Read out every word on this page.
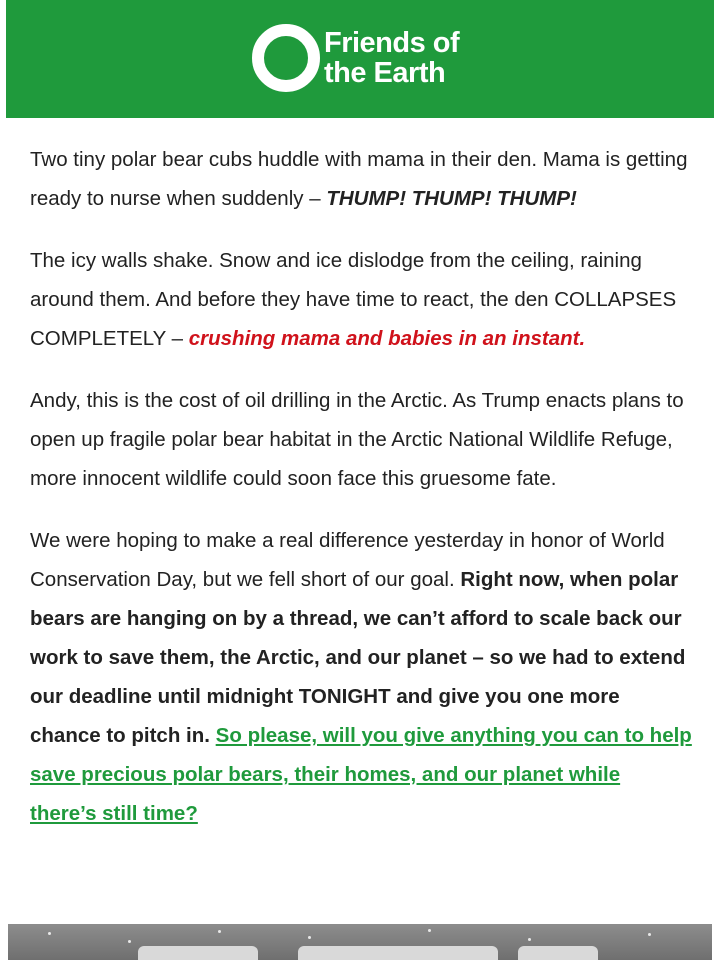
Friends of
the Earth

Two tiny polar bear cubs huddle with mama in their den. Mama is getting ready to nurse when suddenly – THUMP! THUMP! THUMP!

The icy walls shake. Snow and ice dislodge from the ceiling, raining around them. And before they have time to react, the den COLLAPSES COMPLETELY – crushing mama and babies in an instant.

Andy, this is the cost of oil drilling in the Arctic. As Trump enacts plans to open up fragile polar bear habitat in the Arctic National Wildlife Refuge, more innocent wildlife could soon face this gruesome fate.

We were hoping to make a real difference yesterday in honor of World Conservation Day, but we fell short of our goal. Right now, when polar bears are hanging on by a thread, we can’t afford to scale back our work to save them, the Arctic, and our planet – so we had to extend our deadline until midnight TONIGHT and give you one more chance to pitch in. So please, will you give anything you can to help save precious polar bears, their homes, and our planet while there’s still time?
